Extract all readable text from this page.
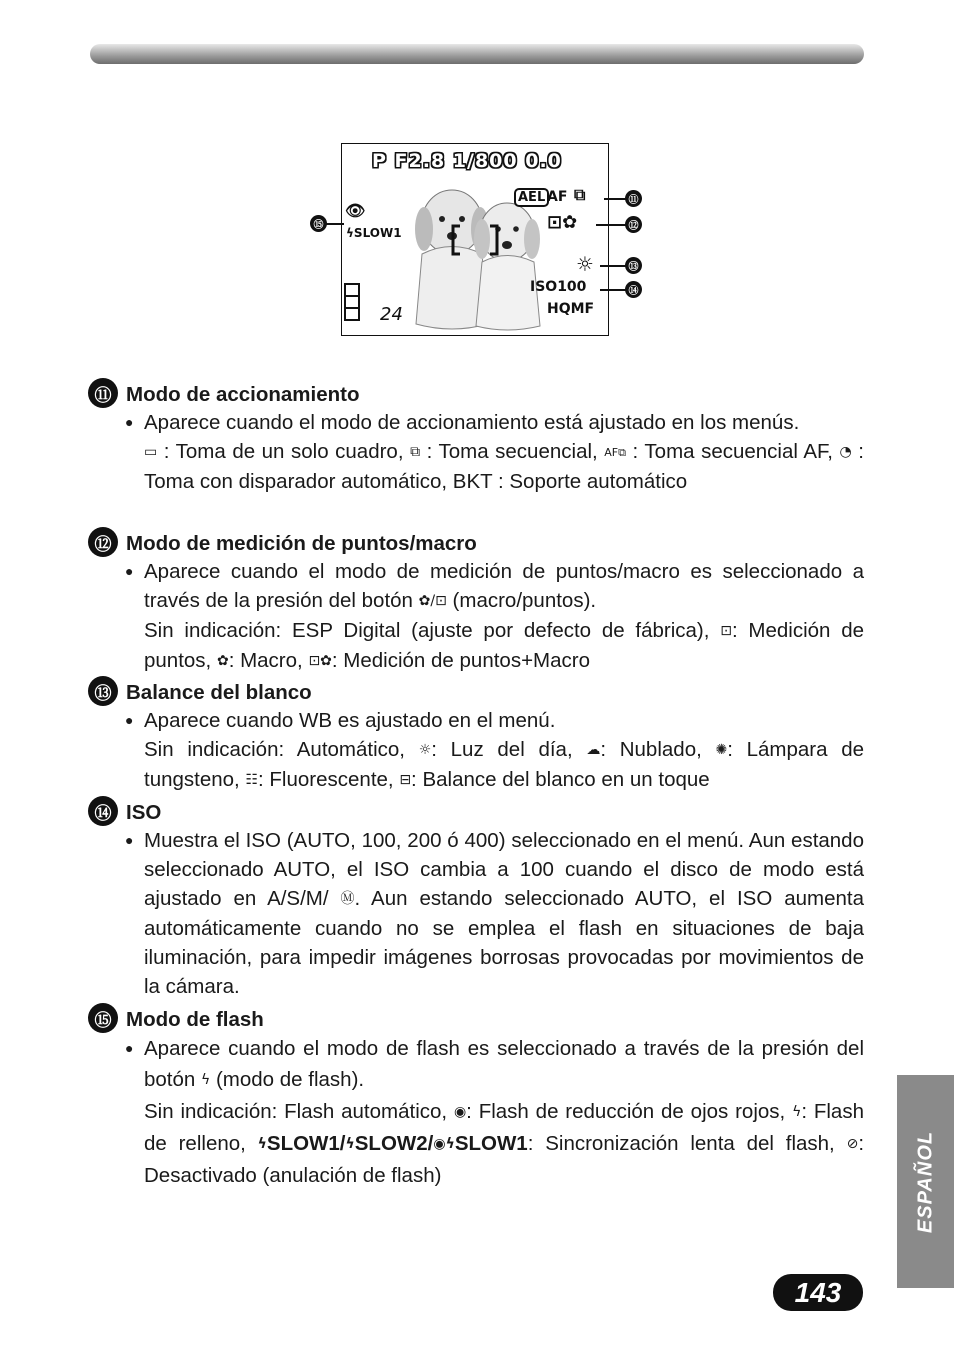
P F2.8 1/800 0.0
AEL AF ⧉
⊡✿
☼
ISO100
HQMF
👁
ϟSLOW1
24
⑪
⑫
⑬
⑭
⑮
⑪ Modo de accionamiento
● Aparece cuando el modo de accionamiento está ajustado en los menús.
▭ : Toma de un solo cuadro, ⧉ : Toma secuencial, AF⧉ : Toma secuencial AF, ◔ : Toma con disparador automático, BKT : Soporte automático
⑫ Modo de medición de puntos/macro
● Aparece cuando el modo de medición de puntos/macro es seleccionado a través de la presión del botón ✿/⊡ (macro/puntos).
Sin indicación: ESP Digital (ajuste por defecto de fábrica), ⊡: Medición de puntos, ✿: Macro, ⊡✿: Medición de puntos+Macro
⑬ Balance del blanco
● Aparece cuando WB es ajustado en el menú.
Sin indicación: Automático, ☼: Luz del día, ☁: Nublado, ✺: Lámpara de tungsteno, ☷: Fluorescente, ⊟: Balance del blanco en un toque
⑭ ISO
● Muestra el ISO (AUTO, 100, 200 ó 400) seleccionado en el menú. Aun estando seleccionado AUTO, el ISO cambia a 100 cuando el disco de modo está ajustado en A/S/M/ Ⓜ. Aun estando seleccionado AUTO, el ISO aumenta automáticamente cuando no se emplea el flash en situaciones de baja iluminación, para impedir imágenes borrosas provocadas por movimientos de la cámara.
⑮ Modo de flash
● Aparece cuando el modo de flash es seleccionado a través de la presión del botón ϟ (modo de flash).
Sin indicación: Flash automático, ◉: Flash de reducción de ojos rojos, ϟ: Flash de relleno, ϟSLOW1/ϟSLOW2/◉ϟSLOW1: Sincronización lenta del flash, ⊘: Desactivado (anulación de flash)	ESPAÑOL
143
